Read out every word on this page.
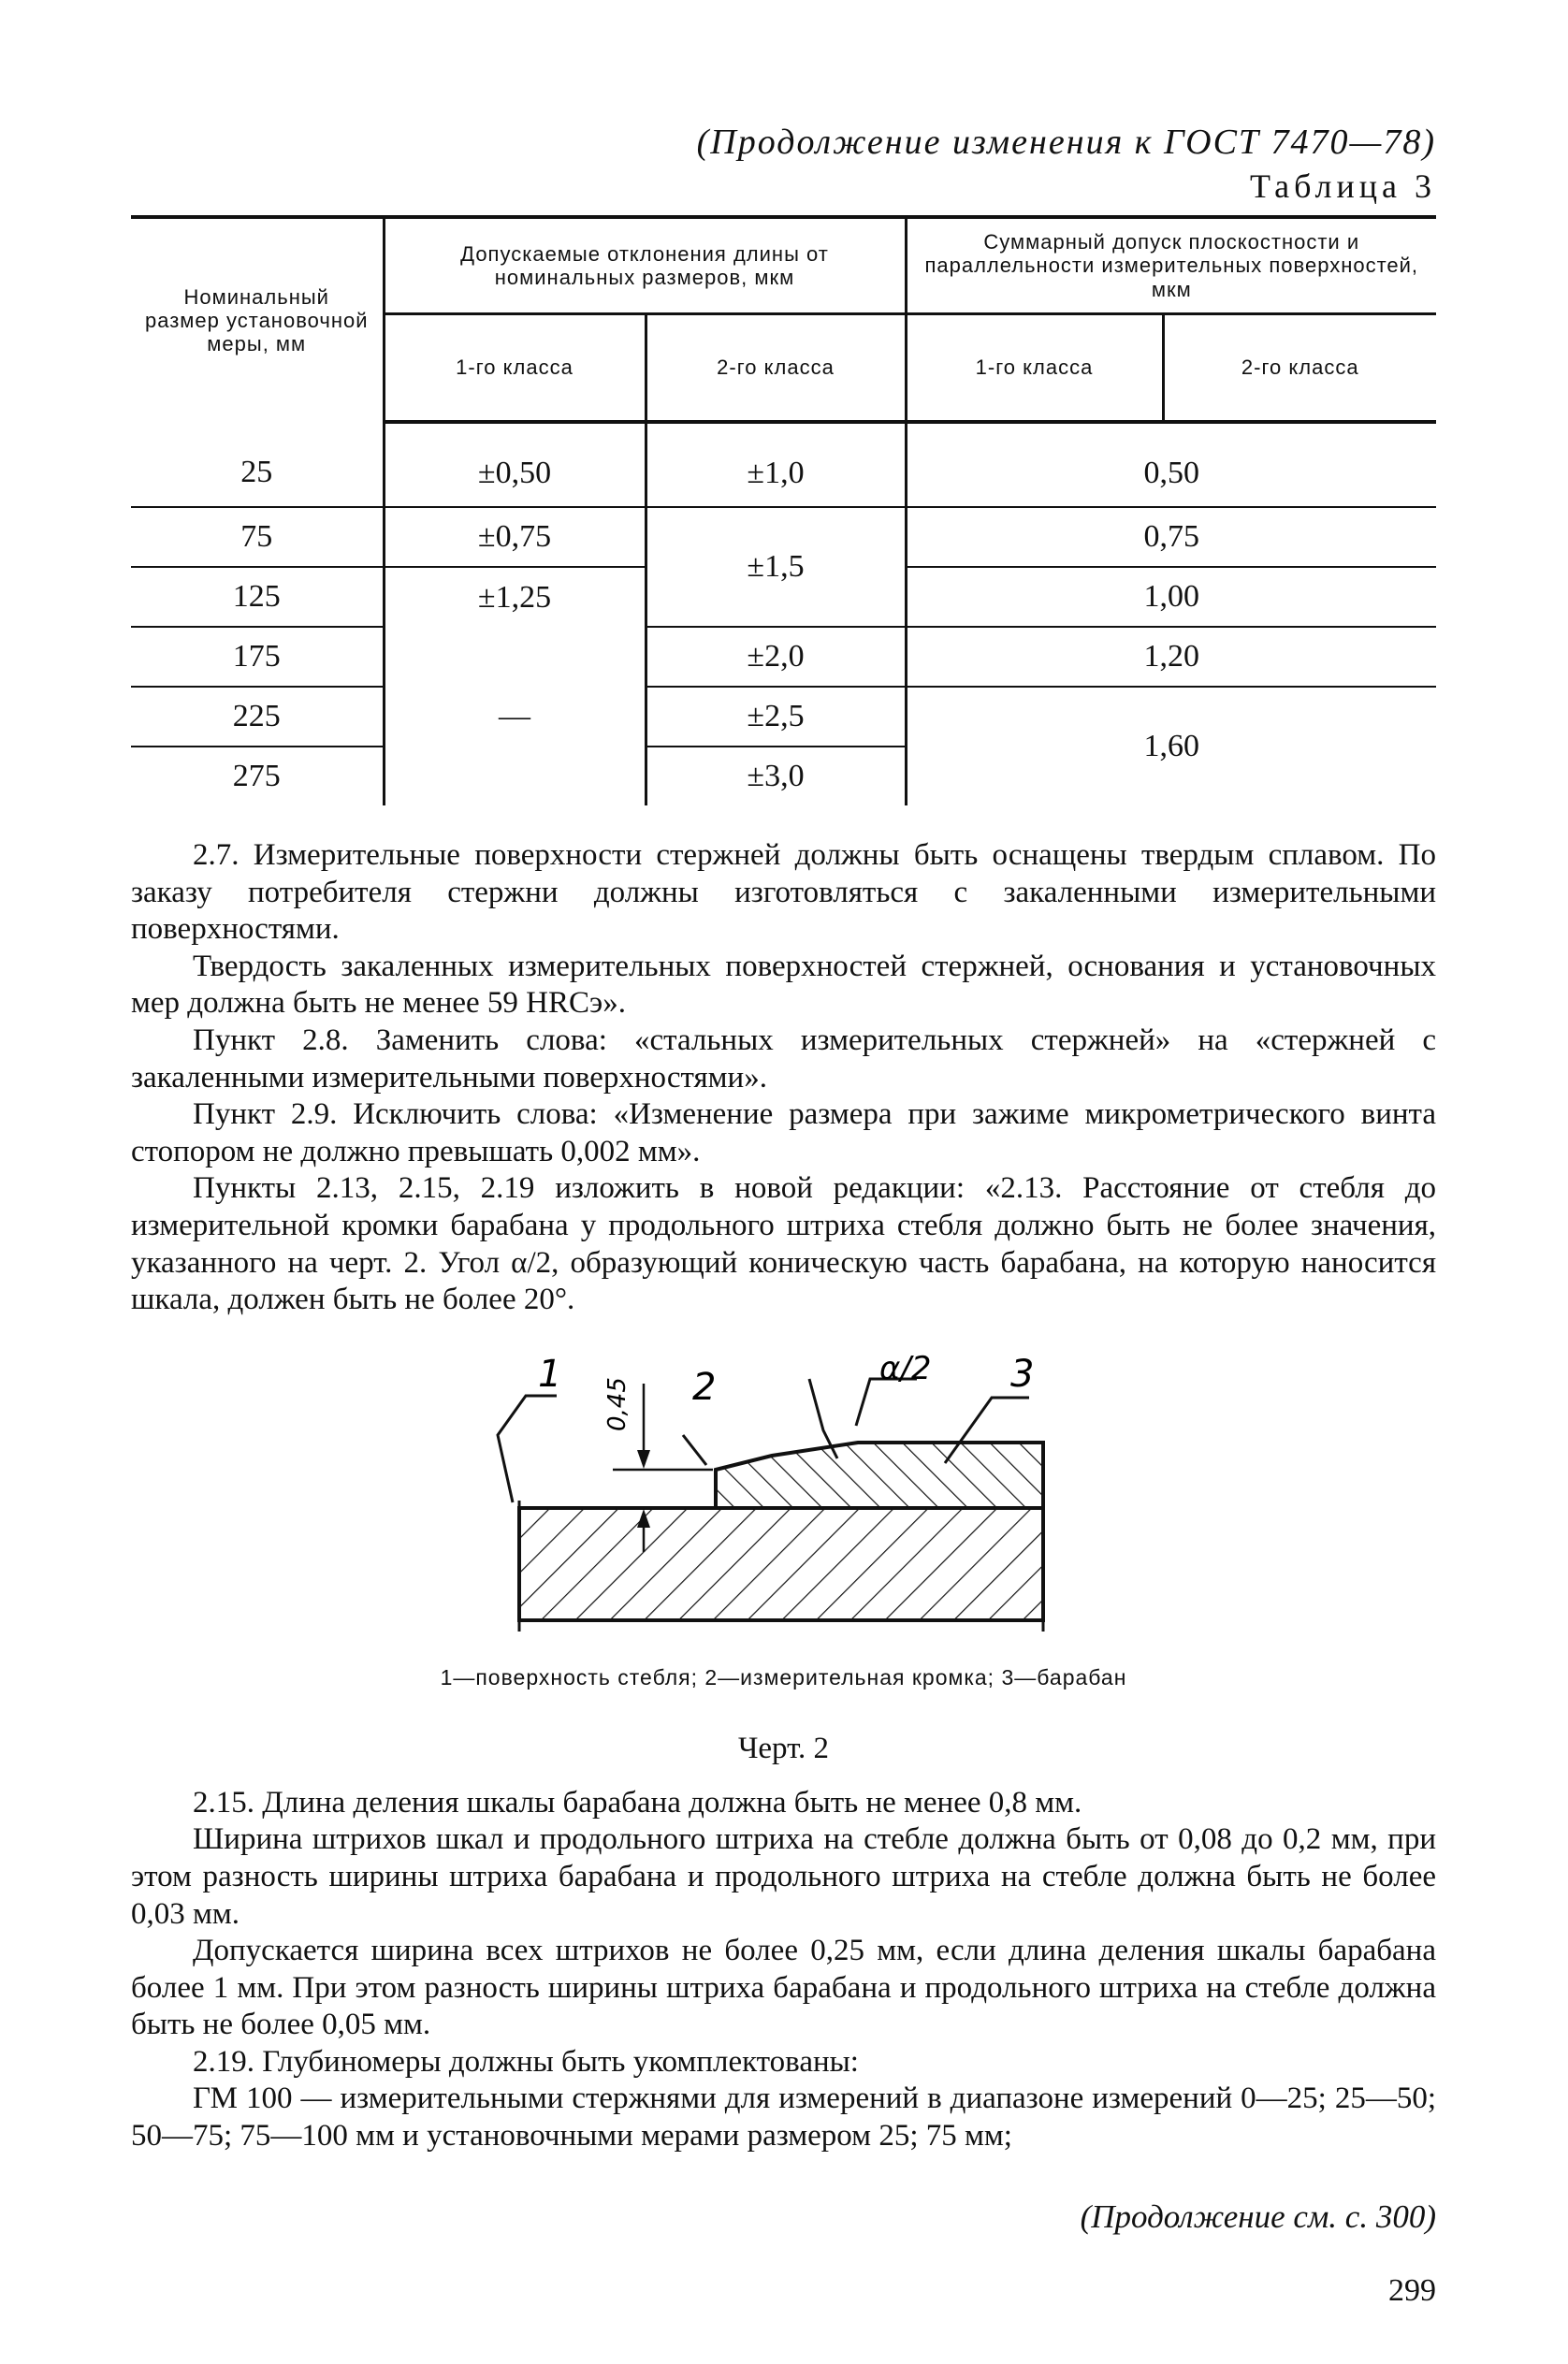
(Продолжение изменения к ГОСТ 7470—78)
Таблица 3
Номинальный размер установочной меры, мм	Допускаемые отклонения длины от номинальных размеров, мкм		Суммарный допуск плоскостности и параллельности измерительных поверхностей, мкм	

	1-го класса	2-го класса	1-го класса	2-го класса
25	±0,50	±1,0	0,50	
75	±0,75	±1,5	0,75	
125	±1,25		1,00	
175	—	±2,0	1,20	
225		±2,5	1,60	
275		±3,0		

2.7. Измерительные поверхности стержней должны быть оснащены твердым сплавом. По заказу потребителя стержни должны изготовляться с закаленными измерительными поверхностями.

Твердость закаленных измерительных поверхностей стержней, основания и установочных мер должна быть не менее 59 HRCэ».

Пункт 2.8. Заменить слова: «стальных измерительных стержней» на «стержней с закаленными измерительными поверхностями».

Пункт 2.9. Исключить слова: «Изменение размера при зажиме микрометрического винта стопором не должно превышать 0,002 мм».

Пункты 2.13, 2.15, 2.19 изложить в новой редакции: «2.13. Расстояние от стебля до измерительной кромки барабана у продольного штриха стебля должно быть не более значения, указанного на черт. 2. Угол α/2, образующий коническую часть барабана, на которую наносится шкала, должен быть не более 20°.

1	2	3
α/2
0,45
1—поверхность стебля; 2—измерительная кромка; 3—барабан
Черт. 2

2.15. Длина деления шкалы барабана должна быть не менее 0,8 мм.

Ширина штрихов шкал и продольного штриха на стебле должна быть от 0,08 до 0,2 мм, при этом разность ширины штриха барабана и продольного штриха на стебле должна быть не более 0,03 мм.

Допускается ширина всех штрихов не более 0,25 мм, если длина деления шкалы барабана более 1 мм. При этом разность ширины штриха барабана и продольного штриха на стебле должна быть не более 0,05 мм.

2.19. Глубиномеры должны быть укомплектованы:

ГМ 100 — измерительными стержнями для измерений в диапазоне измерений 0—25; 25—50; 50—75; 75—100 мм и установочными мерами размером 25; 75 мм;

(Продолжение см. с. 300)
299
